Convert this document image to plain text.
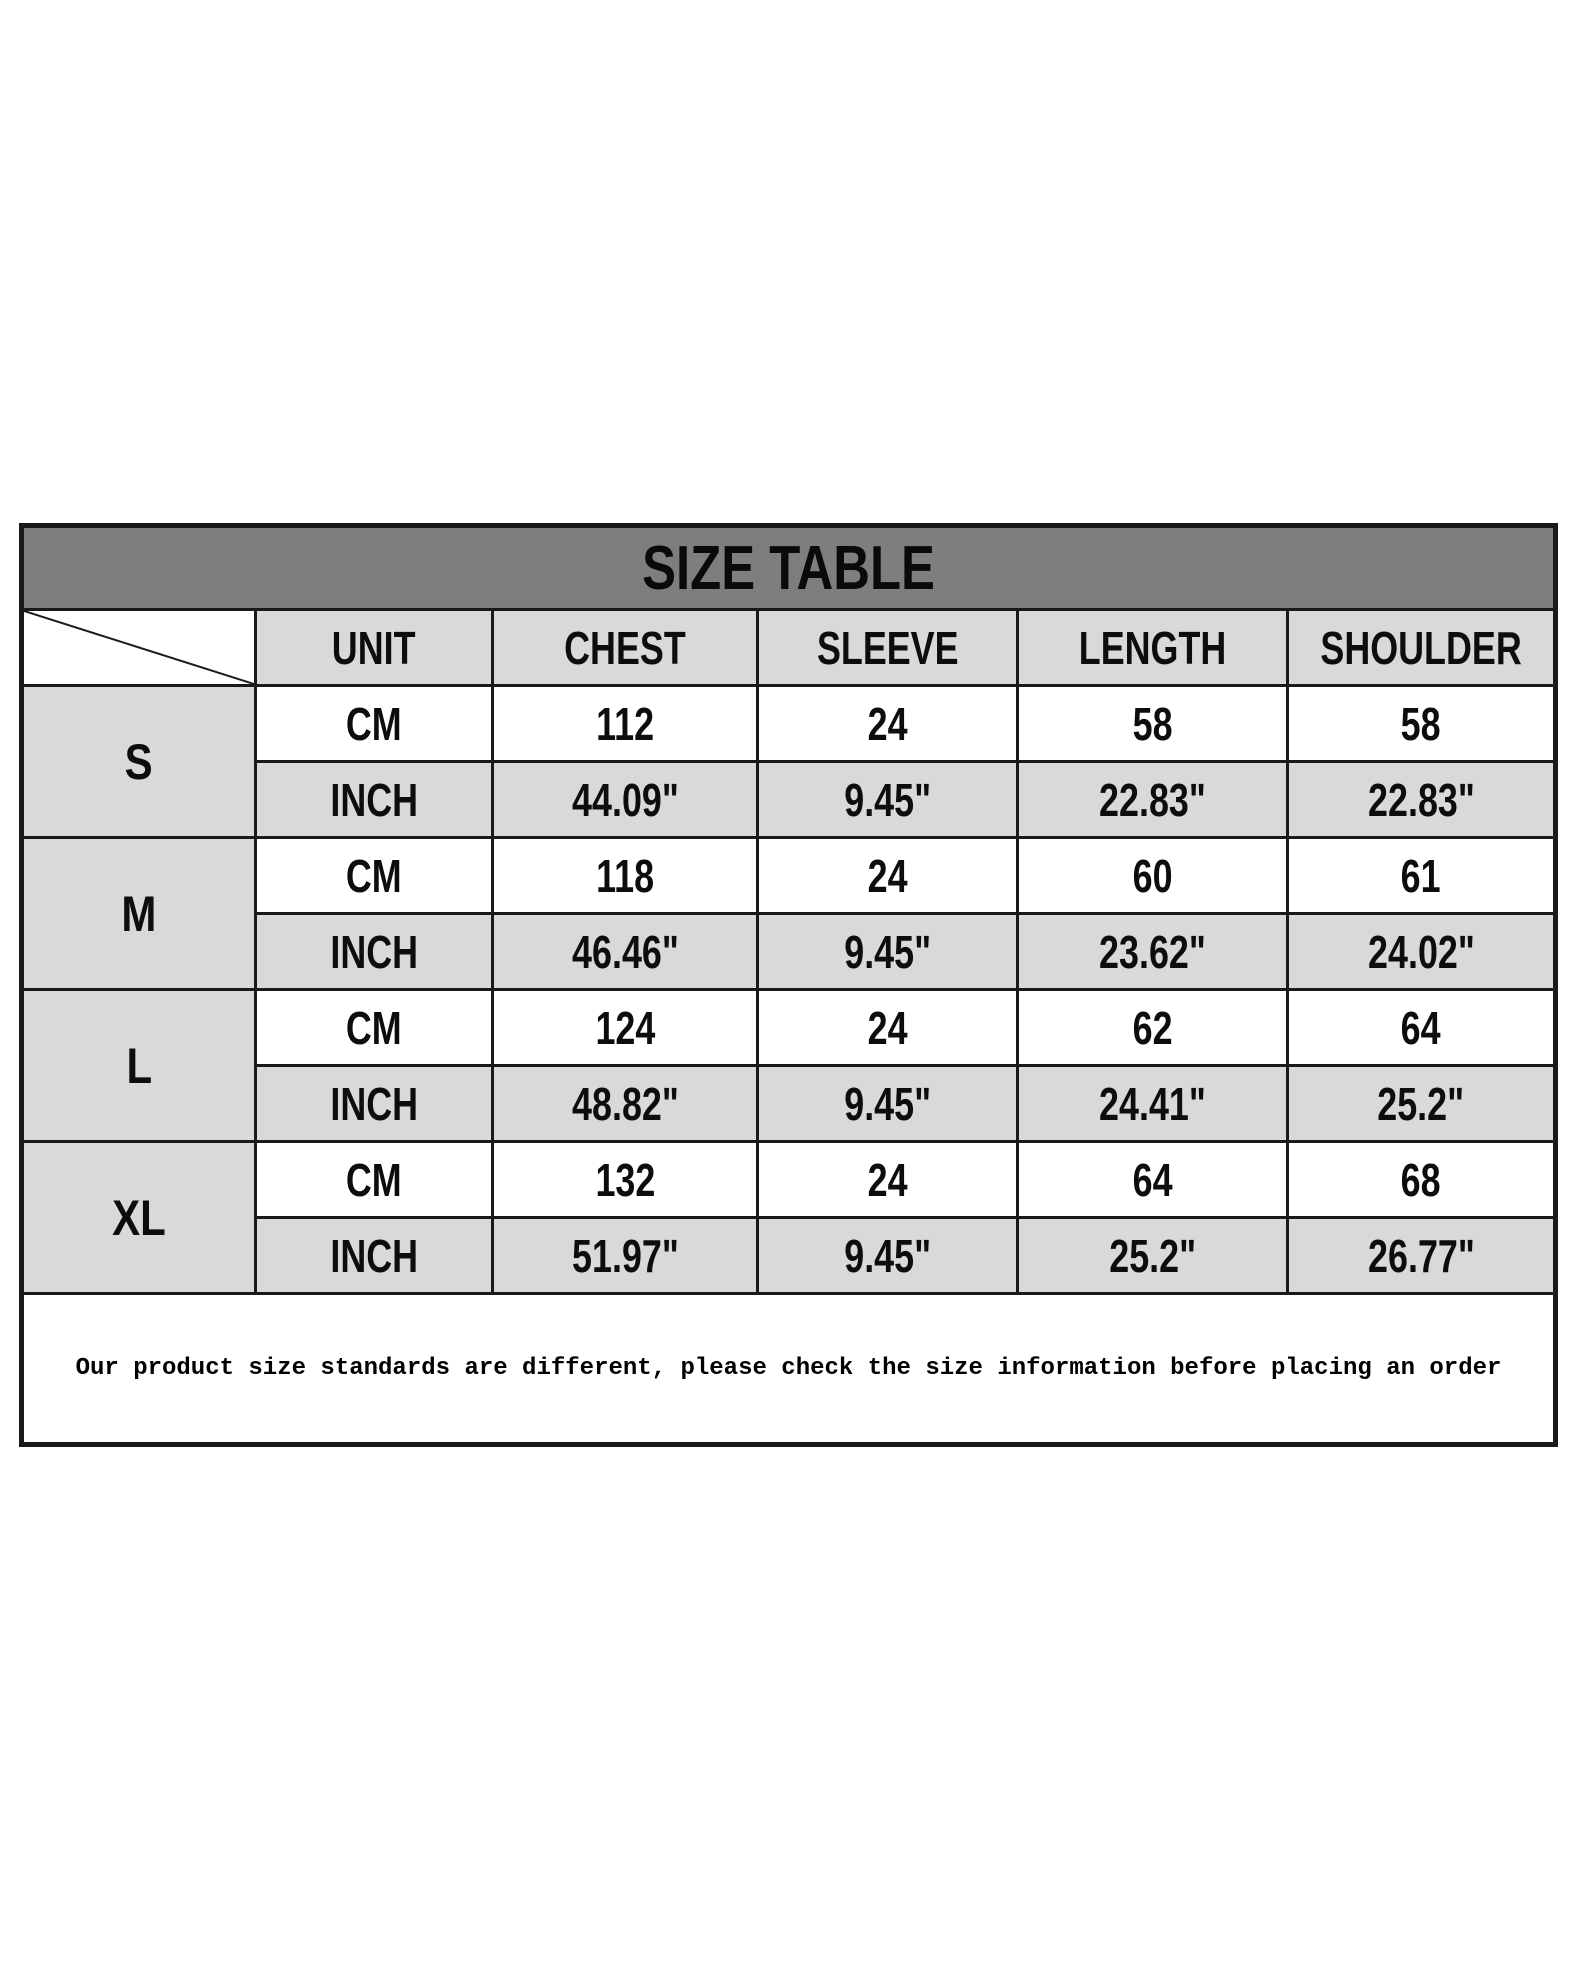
SIZE TABLE					

	UNIT	CHEST	SLEEVE	LENGTH	SHOULDER
S	CM	112	24	58	58
	INCH	44.09"	9.45"	22.83"	22.83"
M	CM	118	24	60	61
	INCH	46.46"	9.45"	23.62"	24.02"
L	CM	124	24	62	64
	INCH	48.82"	9.45"	24.41"	25.2"
XL	CM	132	24	64	68
	INCH	51.97"	9.45"	25.2"	26.77"
Our product size standards are different, please check the size information before placing an order					
